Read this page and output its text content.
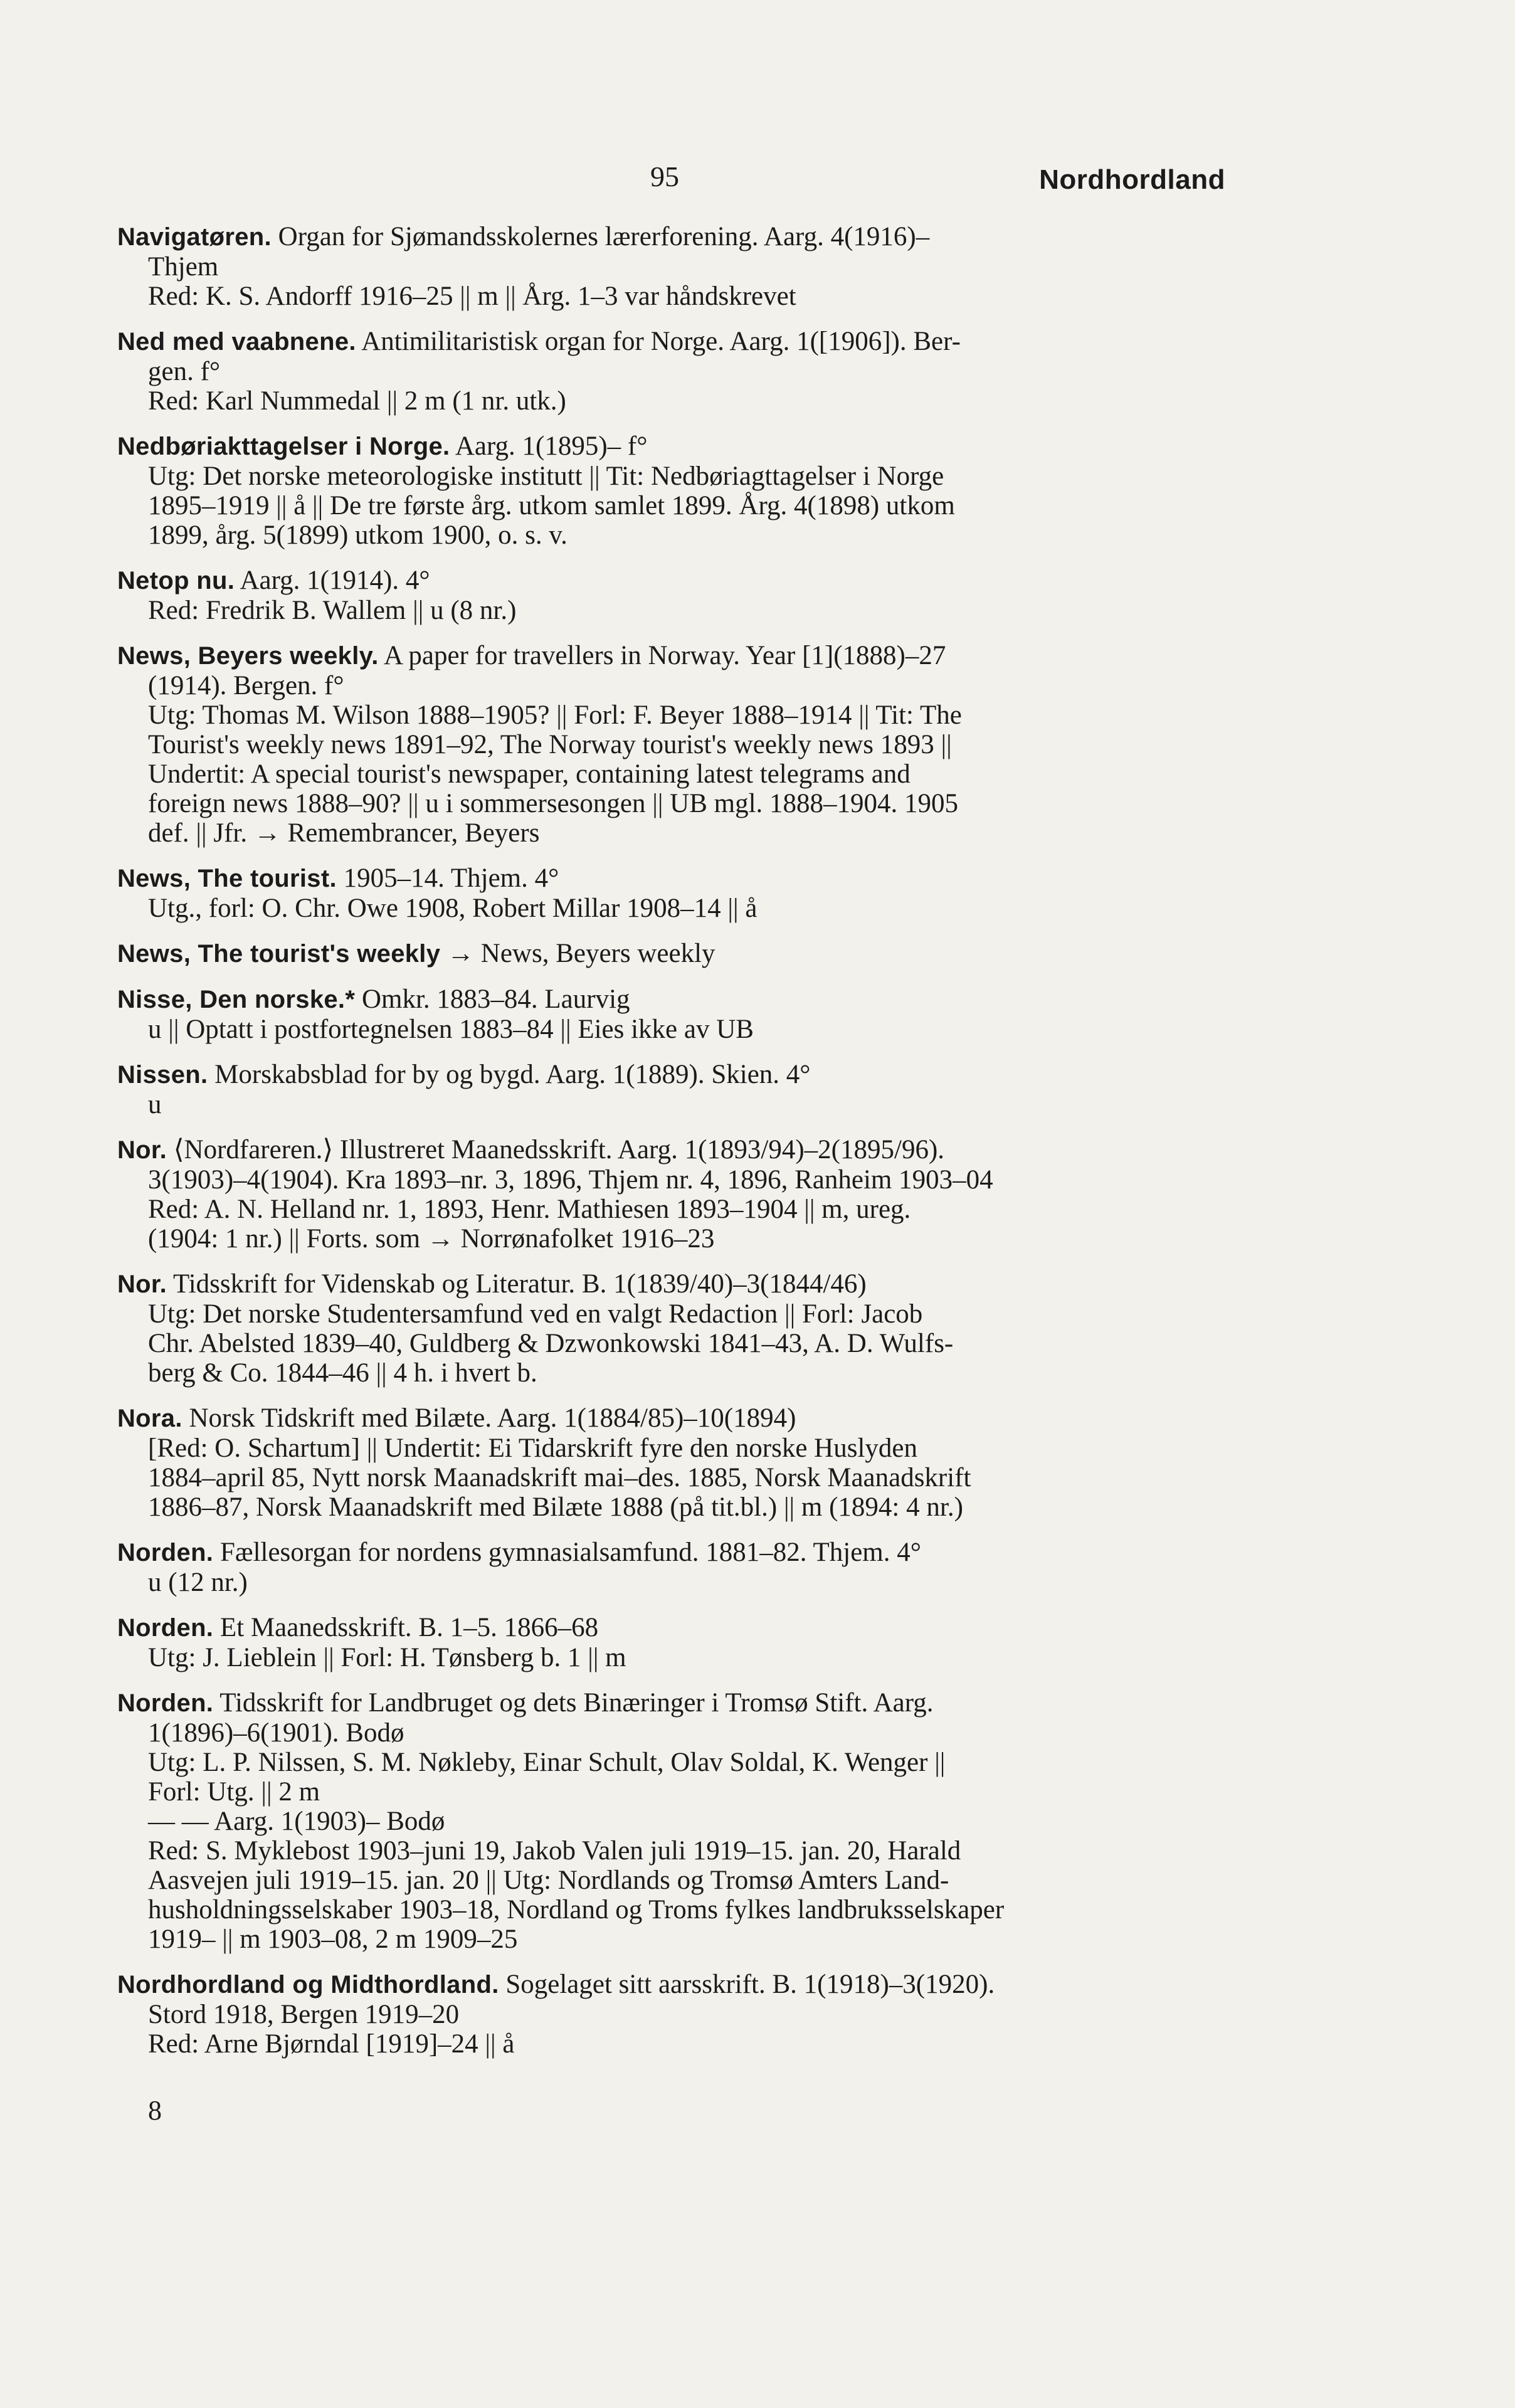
95	Nordhordland
Navigatøren. Organ for Sjømandsskolernes lærerforening. Aarg. 4(1916)–
Thjem
Red: K. S. Andorff 1916–25 || m || Årg. 1–3 var håndskrevet
Ned med vaabnene. Antimilitaristisk organ for Norge. Aarg. 1([1906]). Ber-
gen. f°
Red: Karl Nummedal || 2 m (1 nr. utk.)
Nedbøriakttagelser i Norge. Aarg. 1(1895)– f°
Utg: Det norske meteorologiske institutt || Tit: Nedbøriagttagelser i Norge
1895–1919 || å || De tre første årg. utkom samlet 1899. Årg. 4(1898) utkom
1899, årg. 5(1899) utkom 1900, o. s. v.
Netop nu. Aarg. 1(1914). 4°
Red: Fredrik B. Wallem || u (8 nr.)
News, Beyers weekly. A paper for travellers in Norway. Year [1](1888)–27
(1914). Bergen. f°
Utg: Thomas M. Wilson 1888–1905? || Forl: F. Beyer 1888–1914 || Tit: The
Tourist's weekly news 1891–92, The Norway tourist's weekly news 1893 ||
Undertit: A special tourist's newspaper, containing latest telegrams and
foreign news 1888–90? || u i sommersesongen || UB mgl. 1888–1904. 1905
def. || Jfr. → Remembrancer, Beyers
News, The tourist. 1905–14. Thjem. 4°
Utg., forl: O. Chr. Owe 1908, Robert Millar 1908–14 || å
News, The tourist's weekly → News, Beyers weekly
Nisse, Den norske.* Omkr. 1883–84. Laurvig
u || Optatt i postfortegnelsen 1883–84 || Eies ikke av UB
Nissen. Morskabsblad for by og bygd. Aarg. 1(1889). Skien. 4°
u
Nor. ⟨Nordfareren.⟩ Illustreret Maanedsskrift. Aarg. 1(1893/94)–2(1895/96).
3(1903)–4(1904). Kra 1893–nr. 3, 1896, Thjem nr. 4, 1896, Ranheim 1903–04
Red: A. N. Helland nr. 1, 1893, Henr. Mathiesen 1893–1904 || m, ureg.
(1904: 1 nr.) || Forts. som → Norrønafolket 1916–23
Nor. Tidsskrift for Videnskab og Literatur. B. 1(1839/40)–3(1844/46)
Utg: Det norske Studentersamfund ved en valgt Redaction || Forl: Jacob
Chr. Abelsted 1839–40, Guldberg & Dzwonkowski 1841–43, A. D. Wulfs-
berg & Co. 1844–46 || 4 h. i hvert b.
Nora. Norsk Tidskrift med Bilæte. Aarg. 1(1884/85)–10(1894)
[Red: O. Schartum] || Undertit: Ei Tidarskrift fyre den norske Huslyden
1884–april 85, Nytt norsk Maanadskrift mai–des. 1885, Norsk Maanadskrift
1886–87, Norsk Maanadskrift med Bilæte 1888 (på tit.bl.) || m (1894: 4 nr.)
Norden. Fællesorgan for nordens gymnasialsamfund. 1881–82. Thjem. 4°
u (12 nr.)
Norden. Et Maanedsskrift. B. 1–5. 1866–68
Utg: J. Lieblein || Forl: H. Tønsberg b. 1 || m
Norden. Tidsskrift for Landbruget og dets Binæringer i Tromsø Stift. Aarg.
1(1896)–6(1901). Bodø
Utg: L. P. Nilssen, S. M. Nøkleby, Einar Schult, Olav Soldal, K. Wenger ||
Forl: Utg. || 2 m
— — Aarg. 1(1903)– Bodø
Red: S. Myklebost 1903–juni 19, Jakob Valen juli 1919–15. jan. 20, Harald
Aasvejen juli 1919–15. jan. 20 || Utg: Nordlands og Tromsø Amters Land-
husholdningsselskaber 1903–18, Nordland og Troms fylkes landbruksselskaper
1919– || m 1903–08, 2 m 1909–25
Nordhordland og Midthordland. Sogelaget sitt aarsskrift. B. 1(1918)–3(1920).
Stord 1918, Bergen 1919–20
Red: Arne Bjørndal [1919]–24 || å
8
